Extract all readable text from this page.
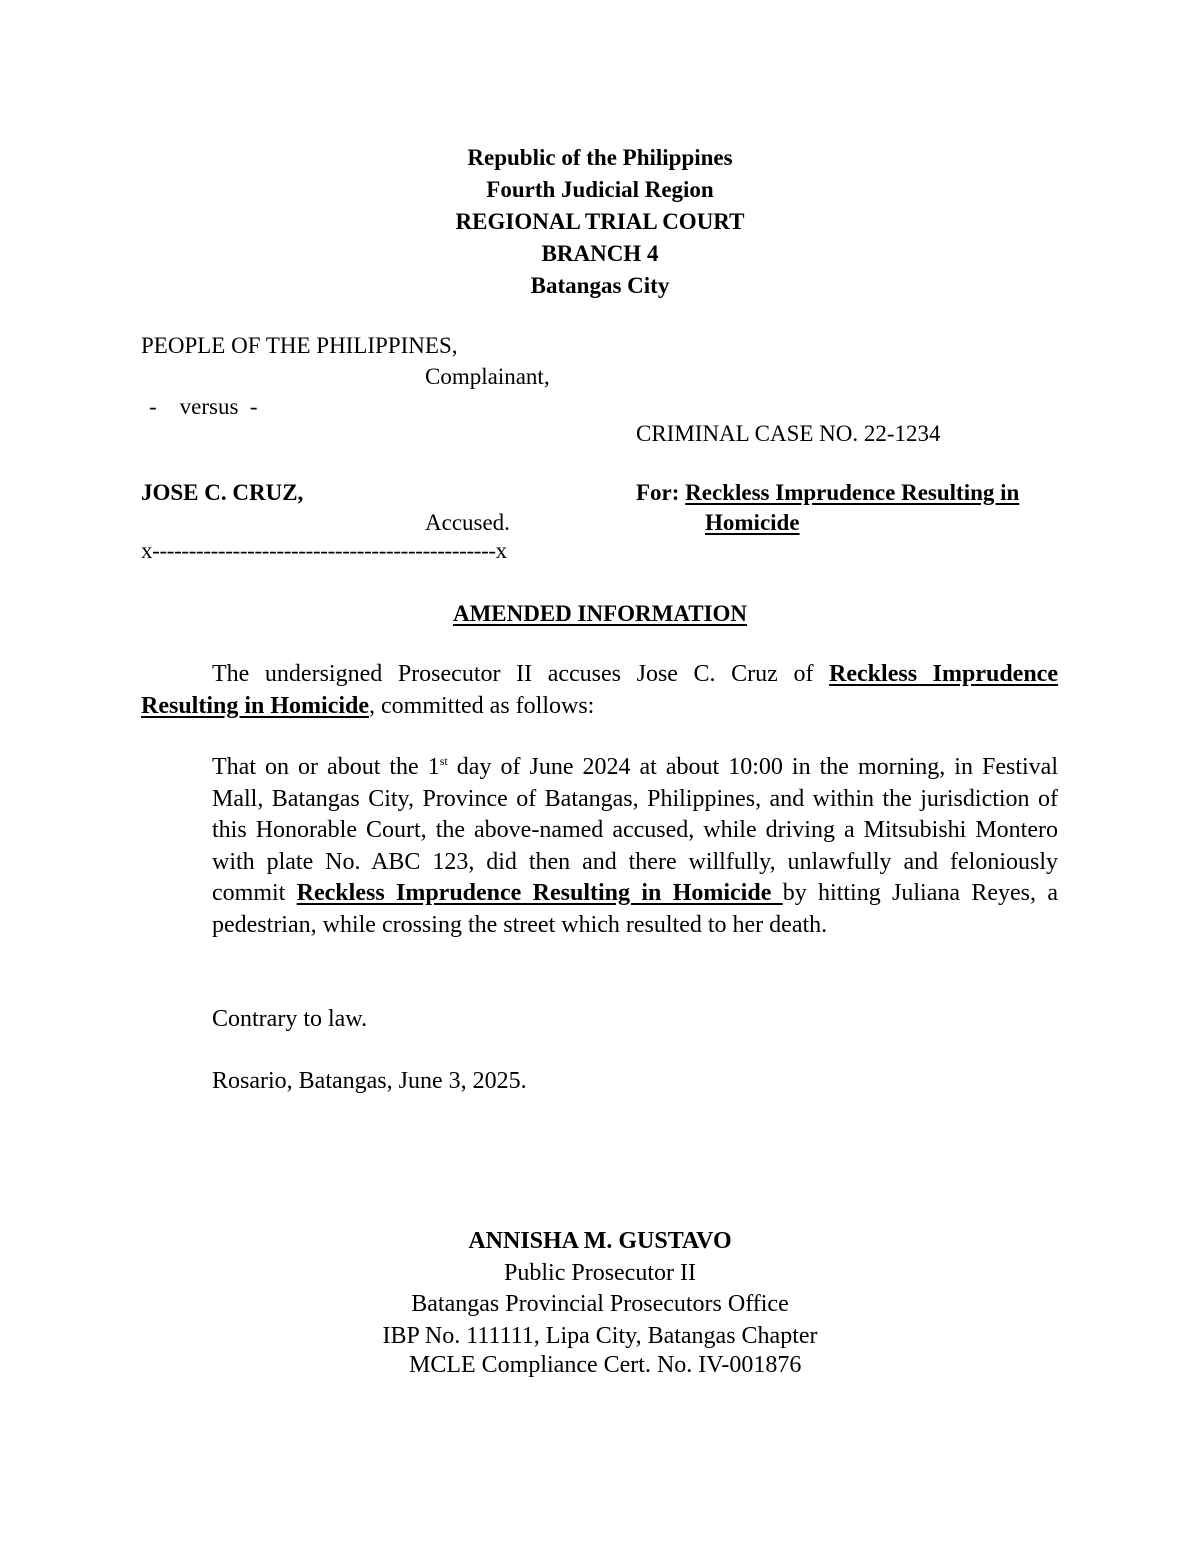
Republic of the Philippines
Fourth Judicial Region
REGIONAL TRIAL COURT
BRANCH 4
Batangas City
PEOPLE OF THE PHILIPPINES,
Complainant,
-    versus  -
CRIMINAL CASE NO. 22-1234
JOSE C. CRUZ,	For: Reckless Imprudence Resulting in
Accused.	Homicide
x-----------------------------------------------x
AMENDED INFORMATION
The undersigned Prosecutor II accuses Jose C. Cruz of Reckless Imprudence Resulting in Homicide, committed as follows:
That on or about the 1st day of June 2024 at about 10:00 in the morning, in Festival Mall, Batangas City, Province of Batangas, Philippines, and within the jurisdiction of this Honorable Court, the above-named accused, while driving a Mitsubishi Montero with plate No. ABC 123, did then and there willfully, unlawfully and feloniously commit Reckless Imprudence Resulting in Homicide by hitting Juliana Reyes, a pedestrian, while crossing the street which resulted to her death.
Contrary to law.
Rosario, Batangas, June 3, 2025.
ANNISHA M. GUSTAVO
Public Prosecutor II
Batangas Provincial Prosecutors Office
IBP No. 111111, Lipa City, Batangas Chapter
MCLE Compliance Cert. No. IV-001876
